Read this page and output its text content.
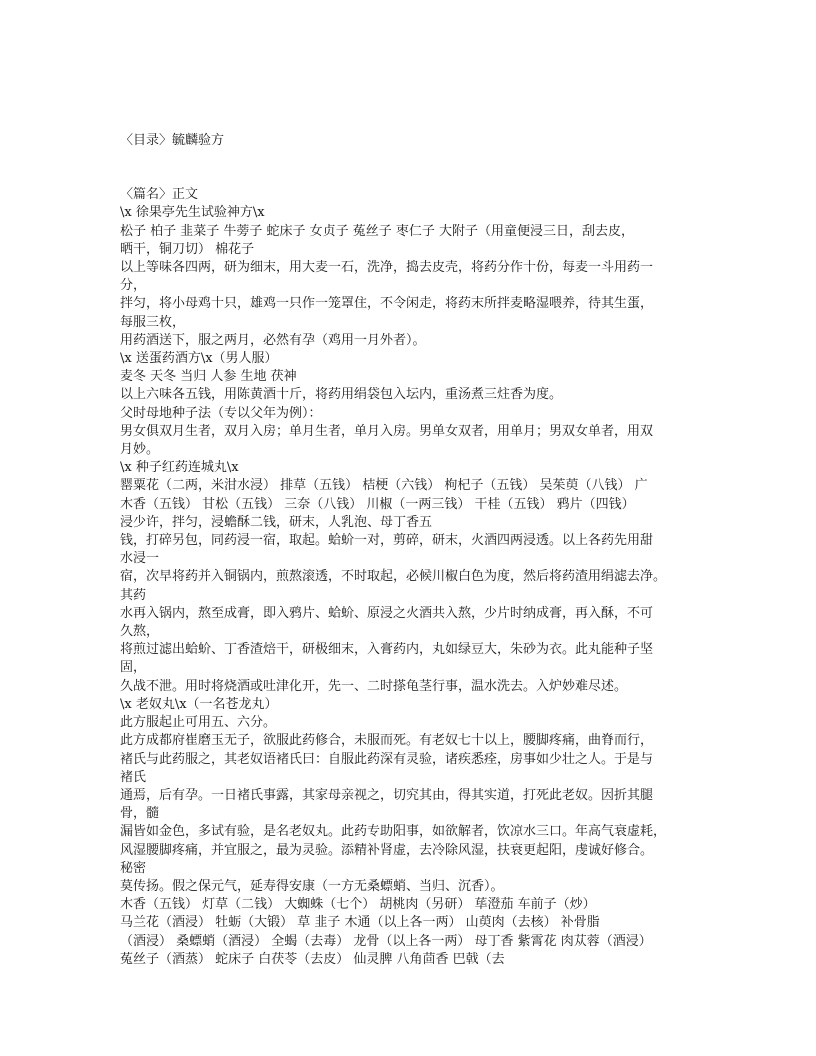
〈目录〉毓麟验方

〈篇名〉正文

\x 徐果亭先生试验神方\x

松子 柏子 韭菜子 牛蒡子 蛇床子 女贞子 菟丝子 枣仁子 大附子（用童便浸三日，刮去皮，

晒干，铜刀切） 棉花子

以上等味各四两，研为细末，用大麦一石，洗净，捣去皮壳，将药分作十份，每麦一斗用药一

分，

拌匀，将小母鸡十只，雄鸡一只作一笼罩住，不令闲走，将药末所拌麦略湿喂养，待其生蛋，

每服三枚，

用药酒送下，服之两月，必然有孕（鸡用一月外者）。

\x 送蛋药酒方\x（男人服）

麦冬 天冬 当归 人参 生地 茯神

以上六味各五钱，用陈黄酒十斤，将药用绢袋包入坛内，重汤煮三炷香为度。

父时母地种子法（专以父年为例）：

男女俱双月生者，双月入房；单月生者，单月入房。男单女双者，用单月；男双女单者，用双

月妙。

\x 种子红药连城丸\x

罂粟花（二两，米泔水浸） 排草（五钱） 桔梗（六钱） 枸杞子（五钱） 吴茱萸（八钱） 广

木香（五钱） 甘松（五钱） 三奈（八钱） 川椒（一两三钱） 干桂（五钱） 鸦片（四钱）

浸少许，拌匀，浸蟾酥二钱，研末，人乳泡、母丁香五

钱，打碎另包，同药浸一宿，取起。蛤蚧一对，剪碎，研末，火酒四两浸透。以上各药先用甜

水浸一

宿，次早将药并入铜锅内，煎熬滚透，不时取起，必候川椒白色为度，然后将药渣用绢滤去净。

其药

水再入锅内，熬至成膏，即入鸦片、蛤蚧、原浸之火酒共入熬，少片时纳成膏，再入酥，不可

久熬，

将煎过滤出蛤蚧、丁香渣焙干，研极细末，入膏药内，丸如绿豆大，朱砂为衣。此丸能种子坚

固，

久战不泄。用时将烧酒或吐津化开，先一、二时搽龟茎行事，温水洗去。入炉妙难尽述。

\x 老奴丸\x（一名苍龙丸）

此方服起止可用五、六分。

此方成都府崔磨玉无子，欲服此药修合，未服而死。有老奴七十以上，腰脚疼痛，曲脊而行，

褚氏与此药服之，其老奴语褚氏曰：自服此药深有灵验，诸疾悉痊，房事如少壮之人。于是与

褚氏

通焉，后有孕。一日褚氏事露，其家母亲视之，切究其由，得其实道，打死此老奴。因折其腿

骨，髓

漏皆如金色，多试有验，是名老奴丸。此药专助阳事，如欲解者，饮凉水三口。年高气衰虚耗，

风湿腰脚疼痛，并宜服之，最为灵验。添精补肾虚，去冷除风湿，扶衰更起阳，虔诚好修合。

秘密

莫传扬。假之保元气，延寿得安康（一方无桑螵蛸、当归、沉香）。

木香（五钱） 灯草（二钱） 大蜘蛛（七个） 胡桃肉（另研） 荜澄茄 车前子（炒）

马兰花（酒浸） 牡蛎（大锻） 草 韭子 木通（以上各一两） 山萸肉（去核） 补骨脂

（酒浸） 桑螵蛸（酒浸） 全蝎（去毒） 龙骨（以上各一两） 母丁香 紫霄花 肉苁蓉（酒浸）

菟丝子（酒蒸） 蛇床子 白茯苓（去皮） 仙灵脾 八角茴香 巴戟（去
